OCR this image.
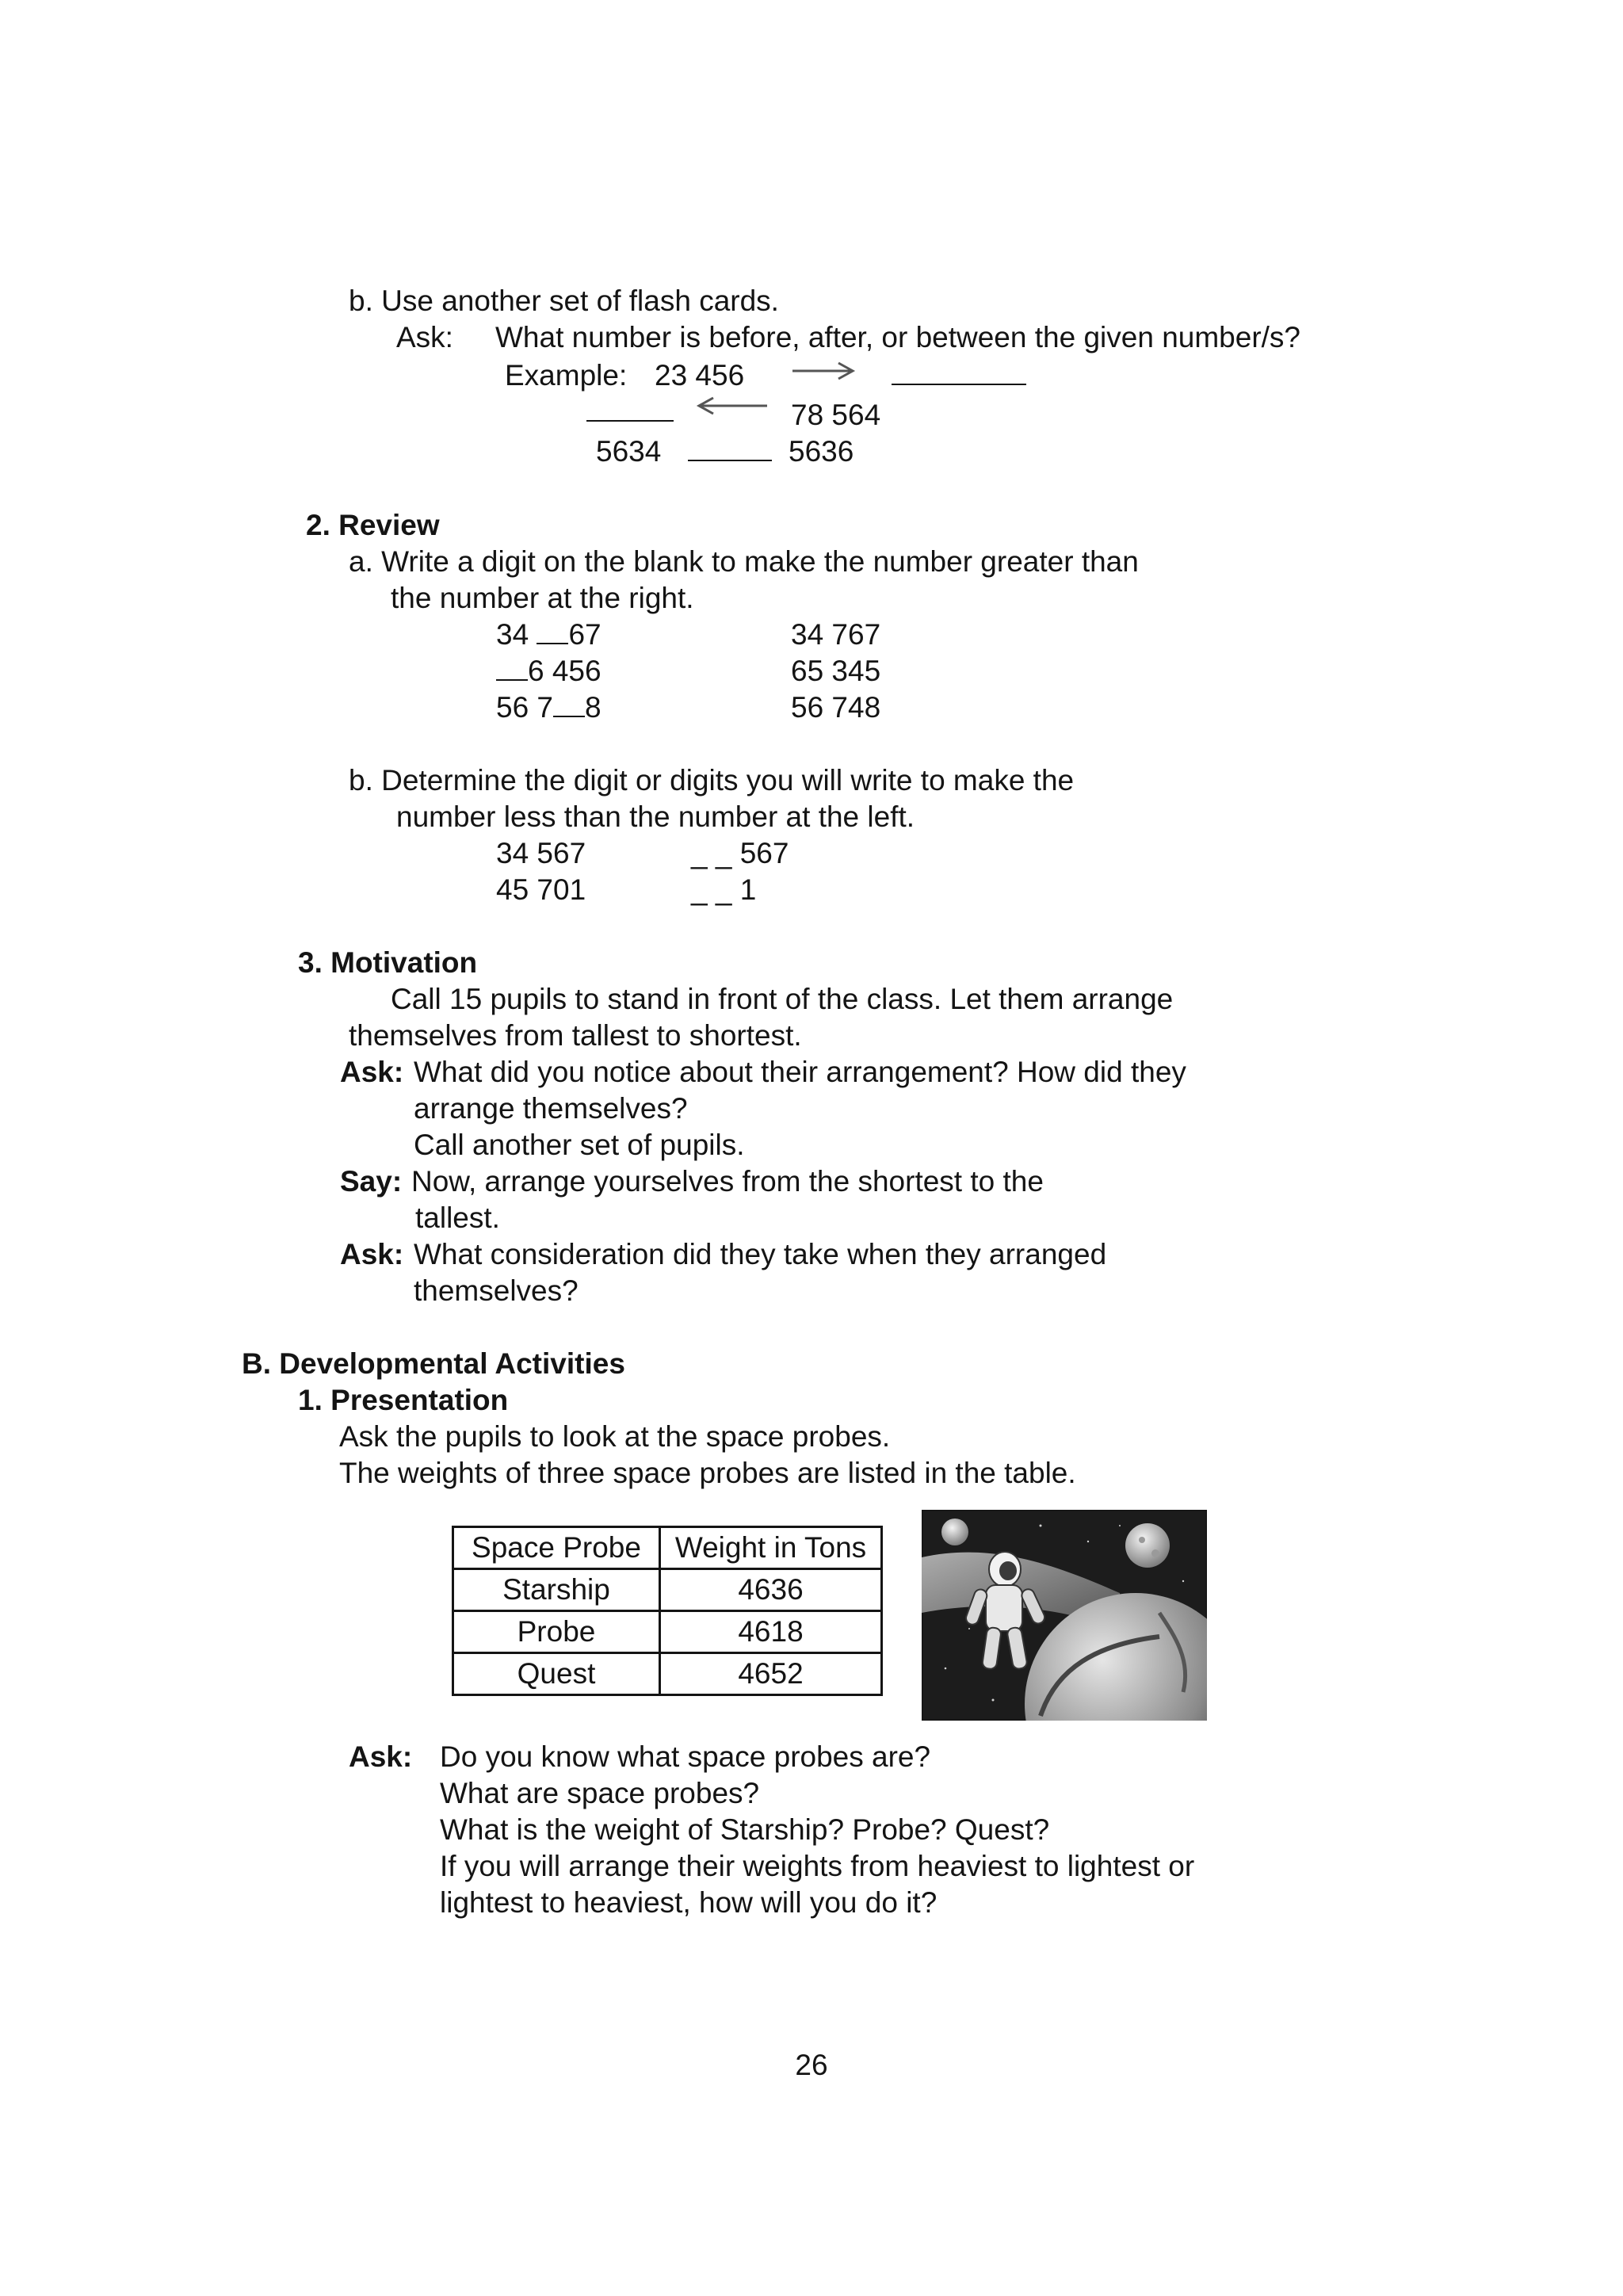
b. Use another set of flash cards.
Ask: What number is before, after, or between the given number/s?
Example: 23 456
78 564
5634	5636
2. Review
a. Write a digit on the blank to make the number greater than
the number at the right.
34 67	34 767
6 456	65 345
56 7 8	56 748
b. Determine the digit or digits you will write to make the
number less than the number at the left.
34 567	_ _ 567
45 701	_ _ 1
3. Motivation
Call 15 pupils to stand in front of the class. Let them arrange
themselves from tallest to shortest.
Ask: What did you notice about their arrangement? How did they
arrange themselves?
Call another set of pupils.
Say: Now, arrange yourselves from the shortest to the
tallest.
Ask: What consideration did they take when they arranged
themselves?
B. Developmental Activities
1. Presentation
Ask the pupils to look at the space probes.
The weights of three space probes are listed in the table.
Space Probe	Weight in Tons
Starship	4636
Probe	4618
Quest	4652
Ask: Do you know what space probes are?
What are space probes?
What is the weight of Starship? Probe? Quest?
If you will arrange their weights from heaviest to lightest or
lightest to heaviest, how will you do it?
26
